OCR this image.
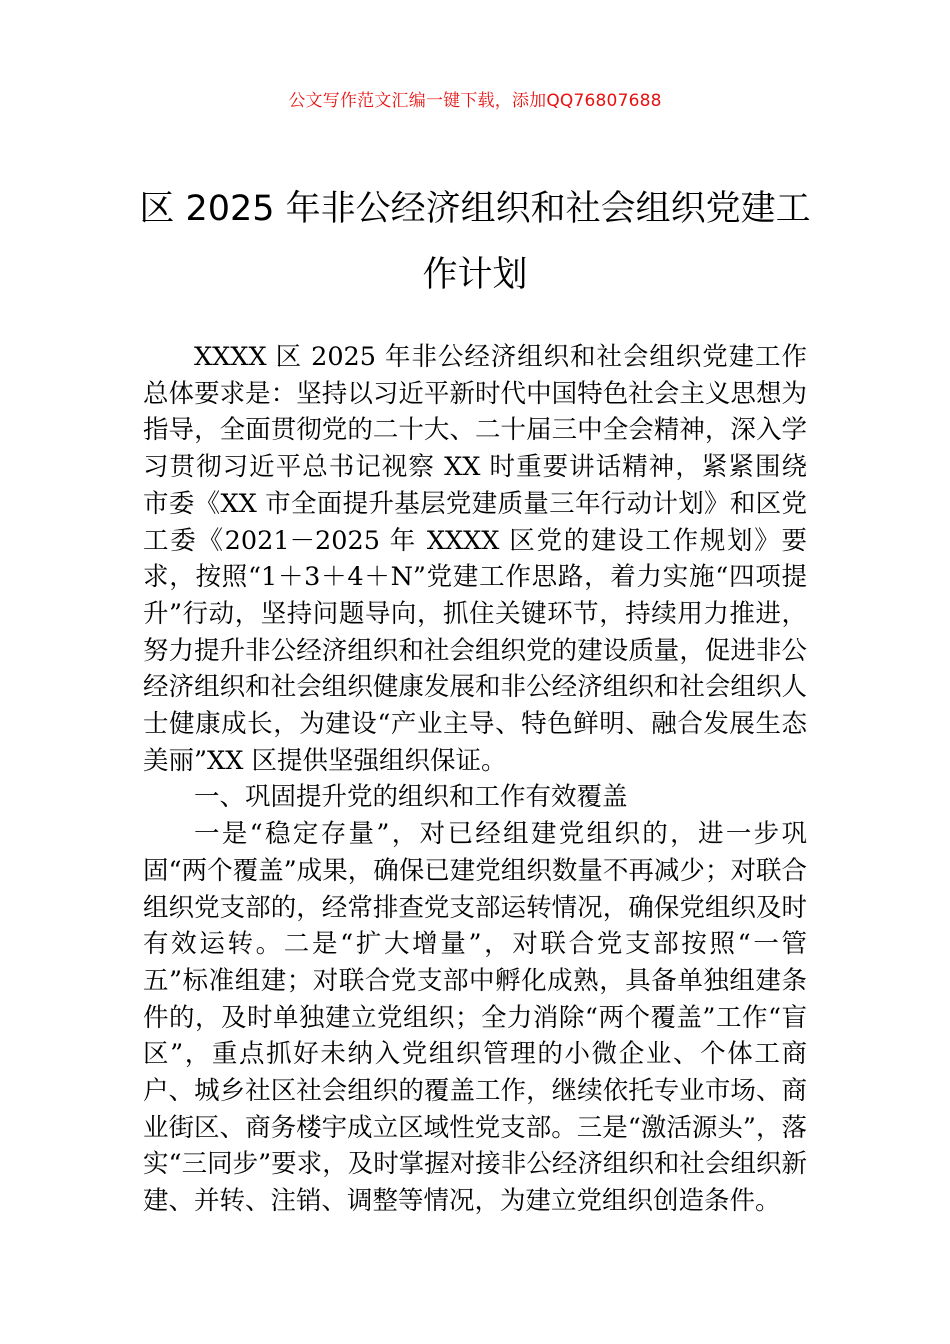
公文写作范文汇编一键下载，添加QQ76807688
区 2025 年非公经济组织和社会组织党建工
作计划

XXXX 区 2025 年非公经济组织和社会组织党建工作总体要求是：坚持以习近平新时代中国特色社会主义思想为指导，全面贯彻党的二十大、二十届三中全会精神，深入学习贯彻习近平总书记视察 XX 时重要讲话精神，紧紧围绕市委《XX 市全面提升基层党建质量三年行动计划》和区党工委《2021－2025 年 XXXX 区党的建设工作规划》要求，按照“1＋3＋4＋N”党建工作思路，着力实施“四项提升”行动，坚持问题导向，抓住关键环节，持续用力推进，努力提升非公经济组织和社会组织党的建设质量，促进非公经济组织和社会组织健康发展和非公经济组织和社会组织人士健康成长，为建设“产业主导、特色鲜明、融合发展生态美丽”XX 区提供坚强组织保证。

一、巩固提升党的组织和工作有效覆盖

一是“稳定存量”，对已经组建党组织的，进一步巩固“两个覆盖”成果，确保已建党组织数量不再减少；对联合组织党支部的，经常排查党支部运转情况，确保党组织及时有效运转。二是“扩大增量”，对联合党支部按照“一管五”标准组建；对联合党支部中孵化成熟，具备单独组建条件的，及时单独建立党组织；全力消除“两个覆盖”工作“盲区”，重点抓好未纳入党组织管理的小微企业、个体工商户、城乡社区社会组织的覆盖工作，继续依托专业市场、商业街区、商务楼宇成立区域性党支部。三是“激活源头”，落实“三同步”要求，及时掌握对接非公经济组织和社会组织新建、并转、注销、调整等情况，为建立党组织创造条件。
